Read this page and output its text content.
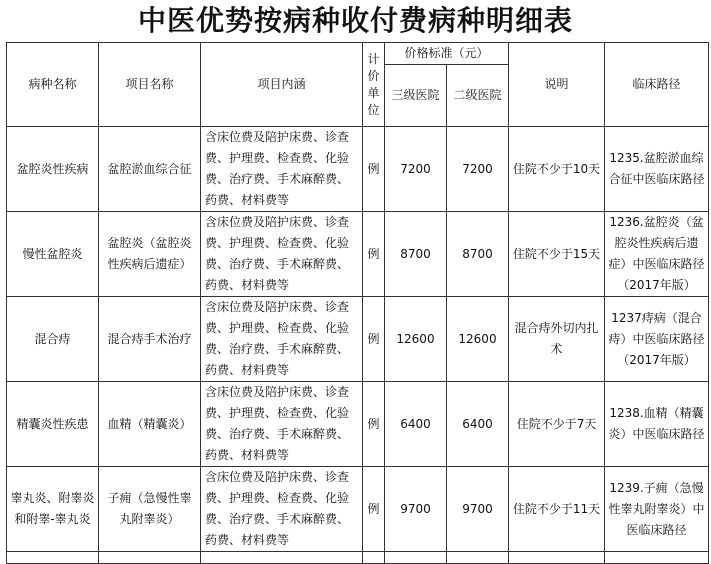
中医优势按病种收付费病种明细表
病种名称	项目名称	项目内涵	计价单位	价格标准（元）		说明	临床路径
				三级医院	二级医院		
盆腔炎性疾病	盆腔淤血综合征	含床位费及陪护床费、诊查费、护理费、检查费、化验费、治疗费、手术麻醉费、药费、材料费等	例	7200	7200	住院不少于10天	1235.盆腔淤血综合征中医临床路径
慢性盆腔炎	盆腔炎（盆腔炎性疾病后遗症）	含床位费及陪护床费、诊查费、护理费、检查费、化验费、治疗费、手术麻醉费、药费、材料费等	例	8700	8700	住院不少于15天	1236.盆腔炎（盆腔炎性疾病后遗症）中医临床路径（2017年版）
混合痔	混合痔手术治疗	含床位费及陪护床费、诊查费、护理费、检查费、化验费、治疗费、手术麻醉费、药费、材料费等	例	12600	12600	混合痔外切内扎术	1237痔病（混合痔）中医临床路径（2017年版）
精囊炎性疾患	血精（精囊炎）	含床位费及陪护床费、诊查费、护理费、检查费、化验费、治疗费、手术麻醉费、药费、材料费等	例	6400	6400	住院不少于7天	1238.血精（精囊炎）中医临床路径
睾丸炎、附睾炎和附睾-睾丸炎	子痈（急慢性睾丸附睾炎）	含床位费及陪护床费、诊查费、护理费、检查费、化验费、治疗费、手术麻醉费、药费、材料费等	例	9700	9700	住院不少于11天	1239.子痈（急慢性睾丸附睾炎）中医临床路径
